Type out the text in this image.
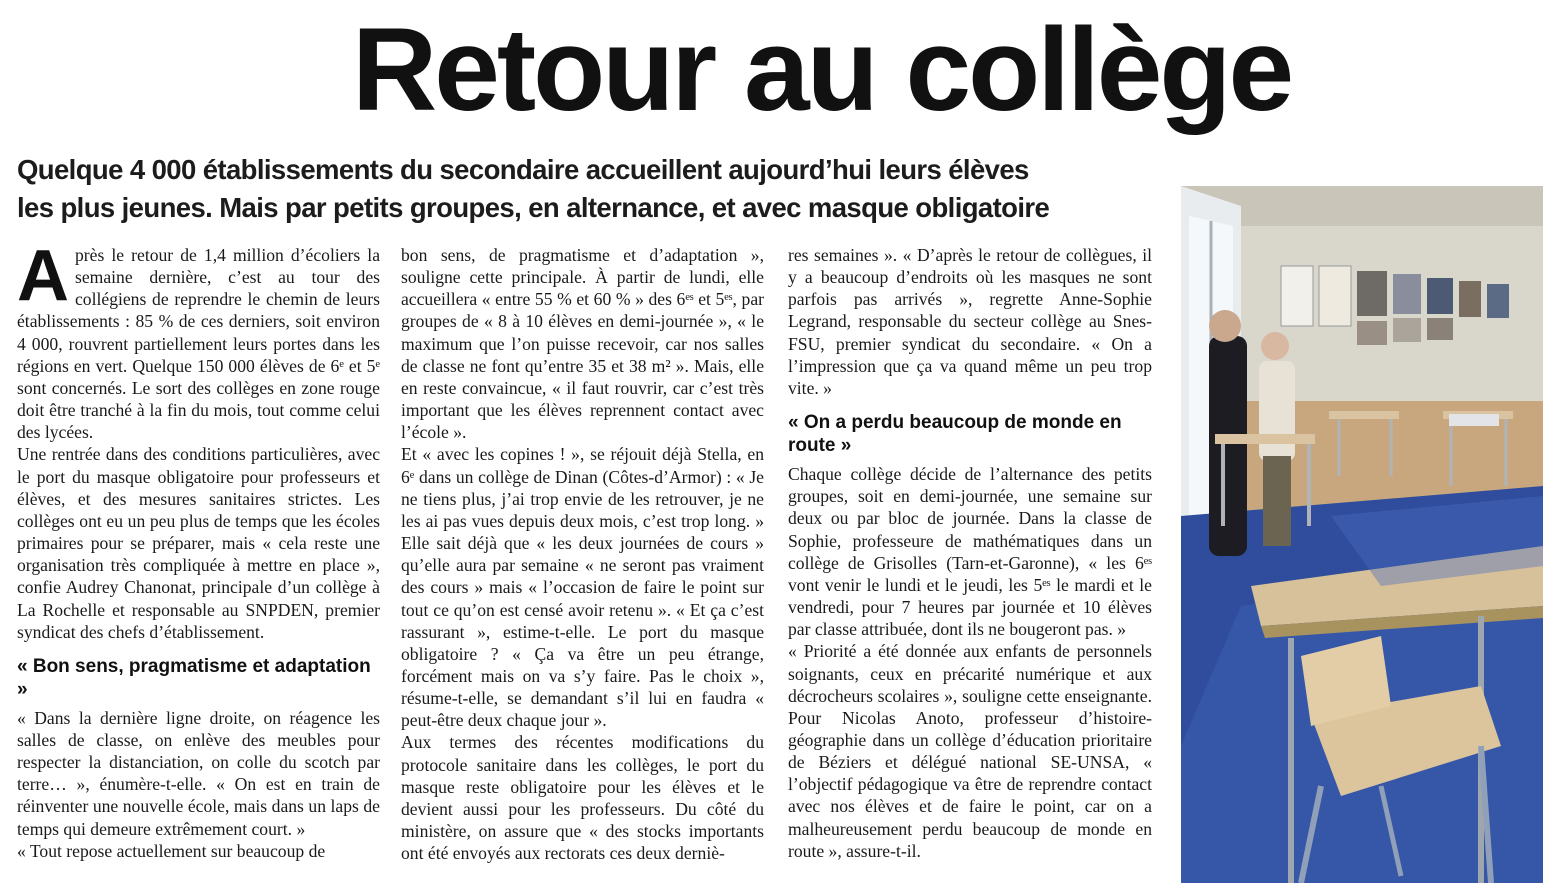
Retour au collège

Quelque 4 000 établissements du secondaire accueillent aujourd’hui leurs élèves

les plus jeunes. Mais par petits groupes, en alternance, et avec masque obligatoire

Après le retour de 1,4 million d’écoliers la semaine dernière, c’est au tour des collégiens de reprendre le chemin de leurs établissements : 85 % de ces derniers, soit environ 4 000, rouvrent partiellement leurs portes dans les régions en vert. Quelque 150 000 élèves de 6ᵉ et 5ᵉ sont concernés. Le sort des collèges en zone rouge doit être tranché à la fin du mois, tout comme celui des lycées.

Une rentrée dans des conditions particulières, avec le port du masque obligatoire pour professeurs et élèves, et des mesures sanitaires strictes. Les collèges ont eu un peu plus de temps que les écoles primaires pour se préparer, mais « cela reste une organisation très compliquée à mettre en place », confie Audrey Chanonat, principale d’un collège à La Rochelle et responsable au SNPDEN, premier syndicat des chefs d’établissement.

« Bon sens, pragmatisme et adaptation »

« Dans la dernière ligne droite, on réagence les salles de classe, on enlève des meubles pour respecter la distanciation, on colle du scotch par terre… », énumère-t-elle. « On est en train de réinventer une nouvelle école, mais dans un laps de temps qui demeure extrêmement court. »

« Tout repose actuellement sur beaucoup de

bon sens, de pragmatisme et d’adaptation », souligne cette principale. À partir de lundi, elle accueillera « entre 55 % et 60 % » des 6ᵉˢ et 5ᵉˢ, par groupes de « 8 à 10 élèves en demi-journée », « le maximum que l’on puisse recevoir, car nos salles de classe ne font qu’entre 35 et 38 m² ». Mais, elle en reste convaincue, « il faut rouvrir, car c’est très important que les élèves reprennent contact avec l’école ».

Et « avec les copines ! », se réjouit déjà Stella, en 6ᵉ dans un collège de Dinan (Côtes-d’Armor) : « Je ne tiens plus, j’ai trop envie de les retrouver, je ne les ai pas vues depuis deux mois, c’est trop long. » Elle sait déjà que « les deux journées de cours » qu’elle aura par semaine « ne seront pas vraiment des cours » mais « l’occasion de faire le point sur tout ce qu’on est censé avoir retenu ». « Et ça c’est rassurant », estime-t-elle. Le port du masque obligatoire ? « Ça va être un peu étrange, forcément mais on va s’y faire. Pas le choix », résume-t-elle, se demandant s’il lui en faudra « peut-être deux chaque jour ».

Aux termes des récentes modifications du protocole sanitaire dans les collèges, le port du masque reste obligatoire pour les élèves et le devient aussi pour les professeurs. Du côté du ministère, on assure que « des stocks importants ont été envoyés aux rectorats ces deux derniè-

res semaines ». « D’après le retour de collègues, il y a beaucoup d’endroits où les masques ne sont parfois pas arrivés », regrette Anne-Sophie Legrand, responsable du secteur collège au Snes-FSU, premier syndicat du secondaire. « On a l’impression que ça va quand même un peu trop vite. »

« On a perdu beaucoup de monde en route »

Chaque collège décide de l’alternance des petits groupes, soit en demi-journée, une semaine sur deux ou par bloc de journée. Dans la classe de Sophie, professeure de mathématiques dans un collège de Grisolles (Tarn-et-Garonne), « les 6ᵉˢ vont venir le lundi et le jeudi, les 5ᵉˢ le mardi et le vendredi, pour 7 heures par journée et 10 élèves par classe attribuée, dont ils ne bougeront pas. »

« Priorité a été donnée aux enfants de personnels soignants, ceux en précarité numérique et aux décrocheurs scolaires », souligne cette enseignante. Pour Nicolas Anoto, professeur d’histoire-géographie dans un collège d’éducation prioritaire de Béziers et délégué national SE-UNSA, « l’objectif pédagogique va être de reprendre contact avec nos élèves et de faire le point, car on a malheureusement perdu beaucoup de monde en route », assure-t-il.
